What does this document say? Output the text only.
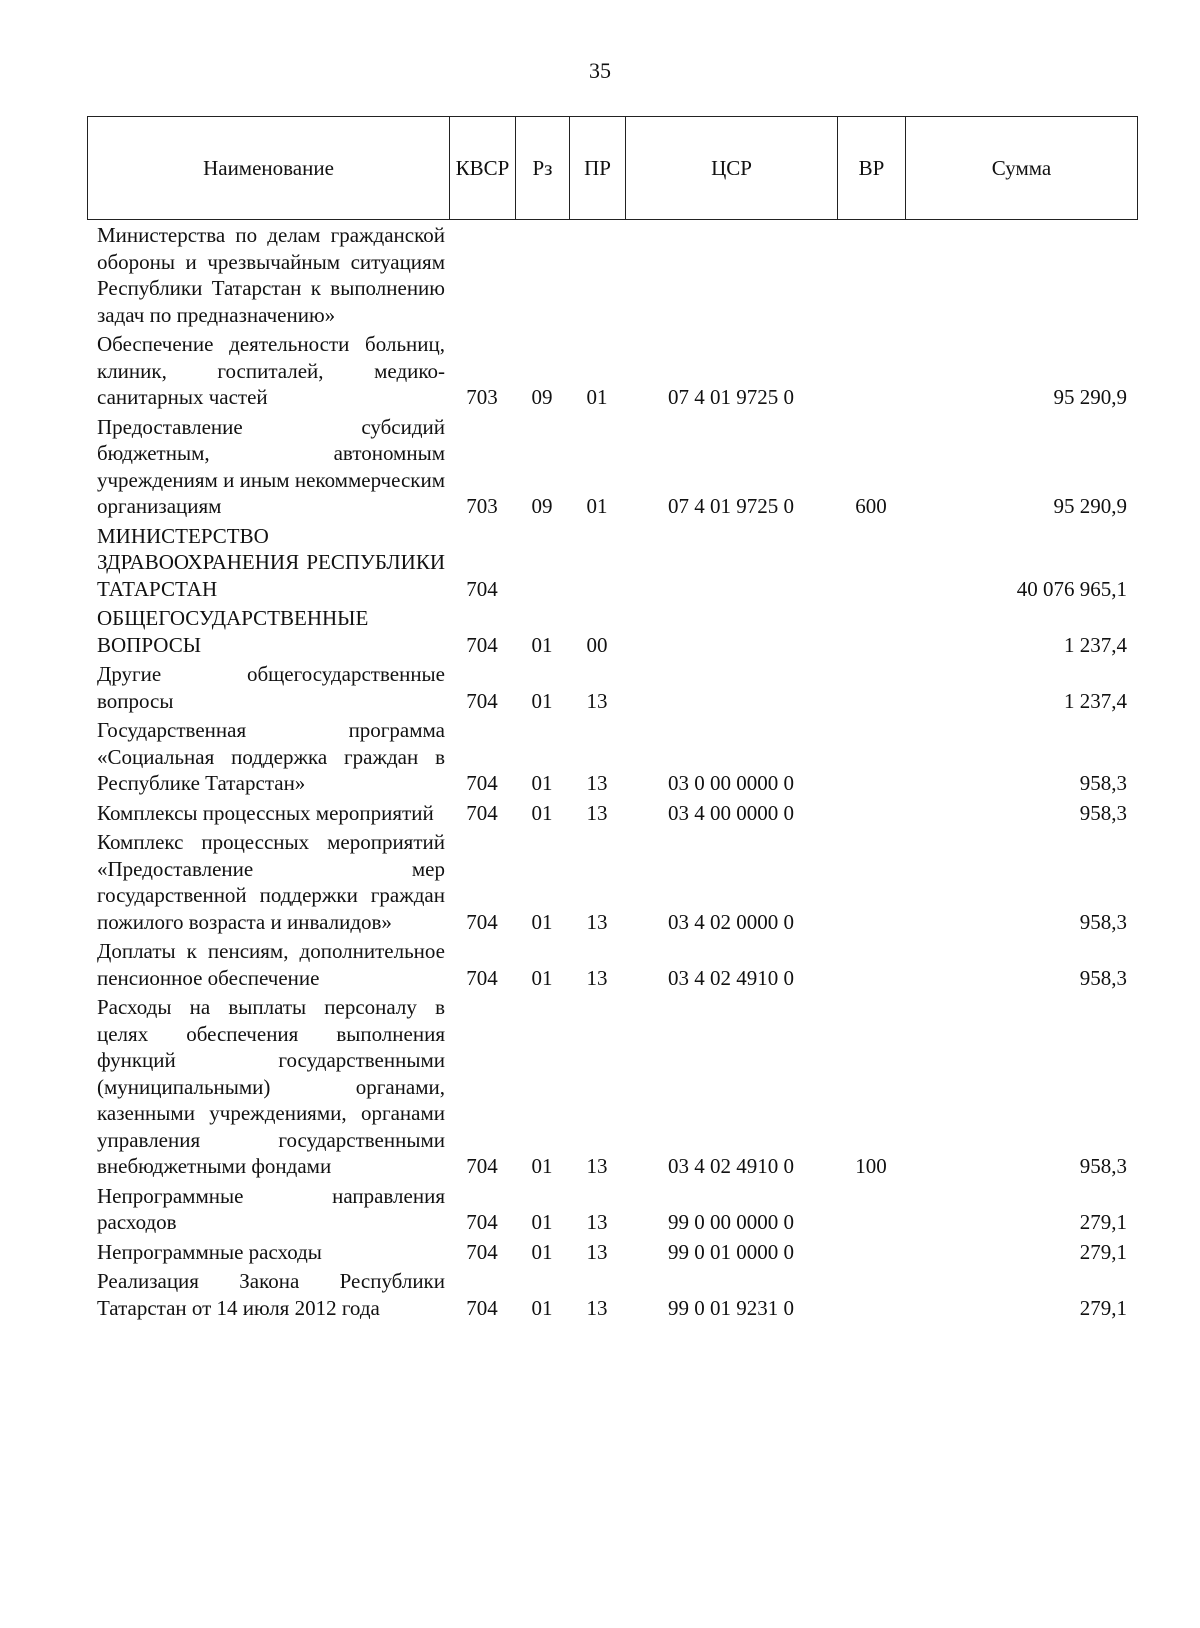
35
Наименование	КВСР	Рз	ПР	ЦСР	ВР	Сумма
Министерства по делам гражданской обороны и чрезвычайным ситуациям Республики Татарстан к выполнению задач по предназначению»						
Обеспечение деятельности больниц, клиник, госпиталей, медико-санитарных частей	703	09	01	07 4 01 9725 0		95 290,9
Предоставление субсидий бюджетным, автономным учреждениям и иным некоммерческим организациям	703	09	01	07 4 01 9725 0	600	95 290,9
МИНИСТЕРСТВО ЗДРАВООХРАНЕНИЯ РЕСПУБЛИКИ ТАТАРСТАН	704					40 076 965,1
ОБЩЕГОСУДАРСТВЕННЫЕ ВОПРОСЫ	704	01	00			1 237,4
Другие общегосударственные вопросы	704	01	13			1 237,4
Государственная программа «Социальная поддержка граждан в Республике Татарстан»	704	01	13	03 0 00 0000 0		958,3
Комплексы процессных мероприятий	704	01	13	03 4 00 0000 0		958,3
Комплекс процессных мероприятий «Предоставление мер государственной поддержки граждан пожилого возраста и инвалидов»	704	01	13	03 4 02 0000 0		958,3
Доплаты к пенсиям, дополнительное пенсионное обеспечение	704	01	13	03 4 02 4910 0		958,3
Расходы на выплаты персоналу в целях обеспечения выполнения функций государственными (муниципальными) органами, казенными учреждениями, органами управления государственными внебюджетными фондами	704	01	13	03 4 02 4910 0	100	958,3
Непрограммные направления расходов	704	01	13	99 0 00 0000 0		279,1
Непрограммные расходы	704	01	13	99 0 01 0000 0		279,1
Реализация Закона Республики Татарстан от 14 июля 2012 года	704	01	13	99 0 01 9231 0		279,1
